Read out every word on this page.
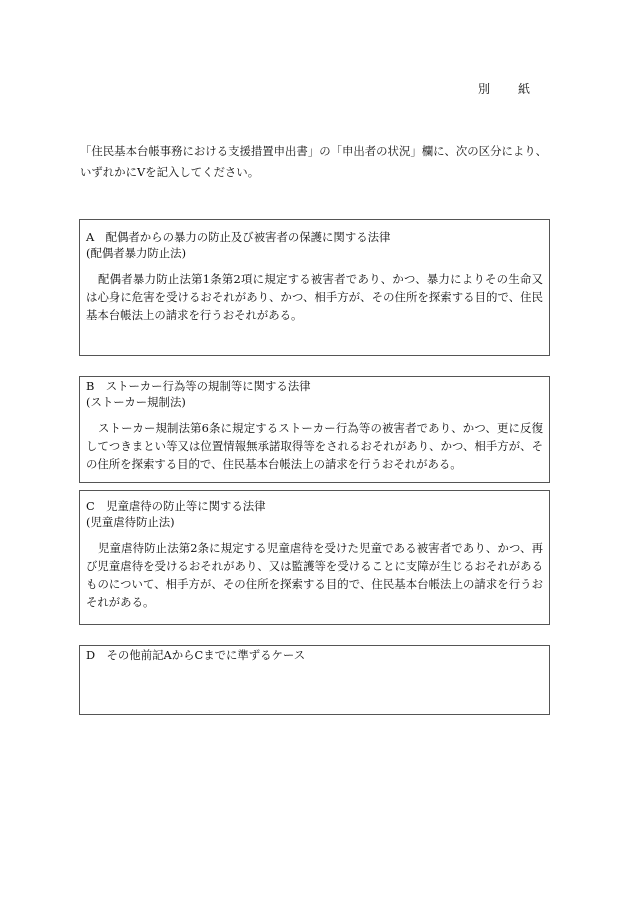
別　紙
「住民基本台帳事務における支援措置申出書」の「申出者の状況」欄に、次の区分により、いずれかにVを記入してください。
A　配偶者からの暴力の防止及び被害者の保護に関する法律
(配偶者暴力防止法)
配偶者暴力防止法第1条第2項に規定する被害者であり、かつ、暴力によりその生命又は心身に危害を受けるおそれがあり、かつ、相手方が、その住所を探索する目的で、住民基本台帳法上の請求を行うおそれがある。
B　ストーカー行為等の規制等に関する法律
(ストーカー規制法)
ストーカー規制法第6条に規定するストーカー行為等の被害者であり、かつ、更に反復してつきまとい等又は位置情報無承諾取得等をされるおそれがあり、かつ、相手方が、その住所を探索する目的で、住民基本台帳法上の請求を行うおそれがある。
C　児童虐待の防止等に関する法律
(児童虐待防止法)
児童虐待防止法第2条に規定する児童虐待を受けた児童である被害者であり、かつ、再び児童虐待を受けるおそれがあり、又は監護等を受けることに支障が生じるおそれがあるものについて、相手方が、その住所を探索する目的で、住民基本台帳法上の請求を行うおそれがある。
D　その他前記AからCまでに準ずるケース
